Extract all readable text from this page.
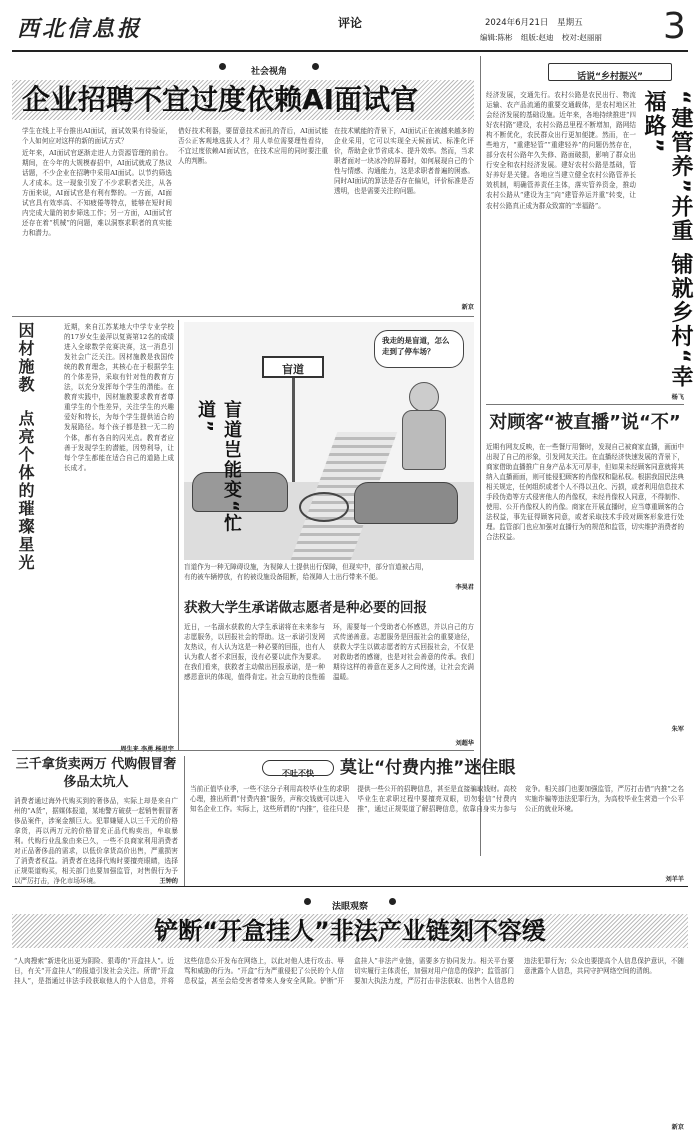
西北信息报	评论	2024年6月21日 星期五
编辑:陈彬 组版:赵迪 校对:赵丽丽 3
社会视角
企业招聘不宜过度依赖AI面试官
学生在线上平台推出AI面试，面试效果有待验证，个人如何应对这样的新的面试方式？
近年来，AI面试官逐渐走进人力资源管理的前台。期间，在今年的大规模春招中，AI面试就成了热议话题，不少企业在招聘中采用AI面试。以节约筛选人才成本。这一现象引发了不少求职者关注，从各方面来说，AI面试官是有利有弊的。一方面，AI面试官具有效率高、不知疲倦等特点，能够在短时间内完成大量的初步筛选工作；另一方面，AI面试官还存在着“机械”的问题，难以洞察求职者的真实能力和潜力。
借好技术利器，要留意技术面孔的背后，AI面试能否公正客观地选拔人才？用人单位需要理性看待，不宜过度依赖AI面试官，在技术应用的同时要注重人的判断。
在技术赋能的背景下，AI面试正在被越来越多的企业采用，它可以实现全天候面试、标准化评价，帮助企业节省成本、提升效率。然而，当求职者面对一块冰冷的屏幕时，如何展现自己的个性与情感、沟通能力，这是求职者普遍的困惑。同时AI面试的算法是否存在偏见，评价标准是否透明，也是需要关注的问题。
新京
话说“乡村振兴”
“建管养”并重 铺就乡村“幸福路”
经济发展，交通先行。农村公路是农民出行、物流运输、农产品流通的重要交通载体，是农村地区社会经济发展的基础设施。近年来，各地持续推进“四好农村路”建设，农村公路总里程不断增加，路网结构不断优化，农民群众出行更加便捷。然而，在一些地方，“重建轻管”“重建轻养”的问题仍然存在，部分农村公路年久失修、路面破损，影响了群众出行安全和农村经济发展。建好农村公路是基础，管好养好是关键。各地应当建立健全农村公路管养长效机制，明确管养责任主体，落实管养资金，推动农村公路从“建设为主”向“建管养运并重”转变，让农村公路真正成为群众致富的“幸福路”。
杨飞
对顾客“被直播”说“不”
近期有网友反映，在一些餐厅用餐时，发现自己被商家直播，画面中出现了自己的形象，引发网友关注。在直播经济快速发展的背景下，商家借助直播推广自身产品本无可厚非，但如果未经顾客同意就将其纳入直播画面，则可能侵犯顾客的肖像权和隐私权。根据我国民法典相关规定，任何组织或者个人不得以丑化、污损，或者利用信息技术手段伪造等方式侵害他人的肖像权，未经肖像权人同意，不得制作、使用、公开肖像权人的肖像。商家在开展直播时，应当尊重顾客的合法权益，事先征得顾客同意，或者采取技术手段对顾客形象进行处理。监管部门也应加强对直播行为的规范和监管，切实维护消费者的合法权益。
朱军
因材施教 点亮个体的璀璨星光
近期，来自江苏某地大中学专业学校的17岁女生姜萍以复赛第12名的成绩进入全球数学竞赛决赛，这一消息引发社会广泛关注。因材施教是我国传统的教育理念，其核心在于根据学生的个体差异，采取有针对性的教育方法，以充分发挥每个学生的潜能。在教育实践中，因材施教要求教育者尊重学生的个性差异，关注学生的兴趣爱好和特长，为每个学生提供适合的发展路径。每个孩子都是独一无二的个体，都有各自的闪光点。教育者应善于发现学生的潜能，因势利导，让每个学生都能在适合自己的道路上成长成才。
盲道
我走的是盲道，怎么走到了停车场？
盲道岂能变“忙道”
盲道作为一种无障碍设施，为视障人士提供出行保障，但现实中，部分盲道被占用，有的被车辆停放，有的被设施设备阻断，给视障人士出行带来不便。
李昊君
获救大学生承诺做志愿者是种必要的回报
近日，一名溺水获救的大学生承诺将在未来参与志愿服务，以回报社会的帮助。这一承诺引发网友热议，有人认为这是一种必要的回报，也有人认为救人者不求回报，没有必要以此作为要求。在我们看来，获救者主动做出回报承诺，是一种感恩意识的体现，值得肯定。社会互助的良性循环，需要每一个受助者心怀感恩，并以自己的方式传递善意。志愿服务是回报社会的重要途径，获救大学生以做志愿者的方式回报社会，不仅是对救助者的感谢，也是对社会善意的传承。我们期待这样的善意在更多人之间传递，让社会充满温暖。
刘超华
三千拿货卖两万 代购假冒奢侈品太坑人
消费者通过海外代购买到的奢侈品，实际上却是来自广州的“A货”，据媒体报道，某地警方破获一起销售假冒奢侈品案件，涉案金额巨大。犯罪嫌疑人以三千元的价格拿货，再以两万元的价格冒充正品代购卖出，牟取暴利。代购行业乱象由来已久，一些不良商家利用消费者对正品奢侈品的需求，以低价拿货高价出售，严重损害了消费者权益。消费者在选择代购时要擅亮眼睛，选择正规渠道购买，相关部门也要加强监管，对售假行为予以严厉打击，净化市场环境。	王钟的
不吐不快	莫让“付费内推”迷住眼
当前正值毕业季，一些不法分子利用高校毕业生的求职心理，推出所谓“付费内推”服务，声称交钱就可以进入知名企业工作。实际上，这些所谓的“内推”，往往只是提供一些公开的招聘信息，甚至是直接骗取钱财。高校毕业生在求职过程中要擅亮双眼，切勿轻信“付费内推”，通过正规渠道了解招聘信息，依靠自身实力参与竞争。相关部门也要加强监管，严厉打击借“内推”之名实施诈骗等违法犯罪行为，为高校毕业生营造一个公平公正的就业环境。
刘羊羊
法眼观察
铲断“开盒挂人”非法产业链刻不容缓
“人肉搜索”新进化出更为阴险、狠毒的“开盒挂人”。近日，有关“开盒挂人”的报道引发社会关注。所谓“开盒挂人”，是指通过非法手段获取他人的个人信息，并将这些信息公开发布在网络上，以此对他人进行攻击、辱骂和威胁的行为。“开盒”行为严重侵犯了公民的个人信息权益，甚至会给受害者带来人身安全风险。铲断“开盒挂人”非法产业链，需要多方协同发力。相关平台要切实履行主体责任，加强对用户信息的保护；监管部门要加大执法力度，严厉打击非法获取、出售个人信息的违法犯罪行为；公众也要提高个人信息保护意识，不随意泄露个人信息，共同守护网络空间的清朗。
新京
